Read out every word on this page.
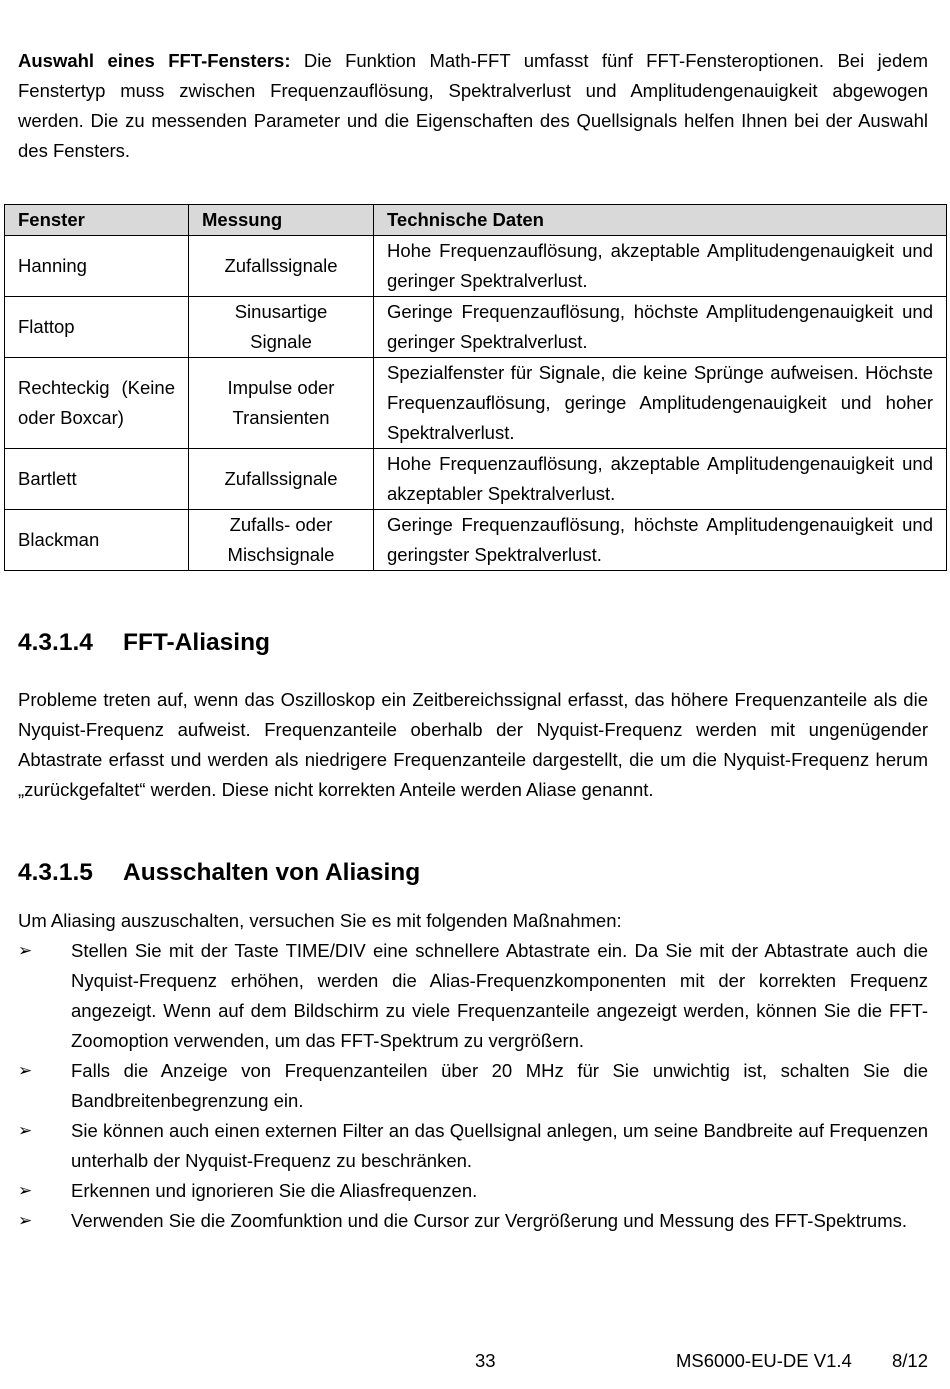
Auswahl eines FFT-Fensters: Die Funktion Math-FFT umfasst fünf FFT-Fensteroptionen. Bei jedem Fenstertyp muss zwischen Frequenzauflösung, Spektralverlust und Amplitudengenauigkeit abgewogen werden. Die zu messenden Parameter und die Eigenschaften des Quellsignals helfen Ihnen bei der Auswahl des Fensters.

Fenster	Messung	Technische Daten
Hanning	Zufallssignale	Hohe Frequenzauflösung, akzeptable Amplitudengenauigkeit und geringer Spektralverlust.
Flattop	Sinusartige Signale	Geringe Frequenzauflösung, höchste Amplitudengenauigkeit und geringer Spektralverlust.
Rechteckig (Keine oder Boxcar)	Impulse oder Transienten	Spezialfenster für Signale, die keine Sprünge aufweisen. Höchste Frequenzauflösung, geringe Amplitudengenauigkeit und hoher Spektralverlust.
Bartlett	Zufallssignale	Hohe Frequenzauflösung, akzeptable Amplitudengenauigkeit und akzeptabler Spektralverlust.
Blackman	Zufalls- oder Mischsignale	Geringe Frequenzauflösung, höchste Amplitudengenauigkeit und geringster Spektralverlust.
4.3.1.4 FFT-Aliasing

Probleme treten auf, wenn das Oszilloskop ein Zeitbereichssignal erfasst, das höhere Frequenzanteile als die Nyquist-Frequenz aufweist. Frequenzanteile oberhalb der Nyquist-Frequenz werden mit ungenügender Abtastrate erfasst und werden als niedrigere Frequenzanteile dargestellt, die um die Nyquist-Frequenz herum „zurückgefaltet“ werden. Diese nicht korrekten Anteile werden Aliase genannt.

4.3.1.5 Ausschalten von Aliasing

Um Aliasing auszuschalten, versuchen Sie es mit folgenden Maßnahmen:

➢ Stellen Sie mit der Taste TIME/DIV eine schnellere Abtastrate ein. Da Sie mit der Abtastrate auch die Nyquist-Frequenz erhöhen, werden die Alias-Frequenzkomponenten mit der korrekten Frequenz angezeigt. Wenn auf dem Bildschirm zu viele Frequenzanteile angezeigt werden, können Sie die FFT-Zoomoption verwenden, um das FFT-Spektrum zu vergrößern.
➢ Falls die Anzeige von Frequenzanteilen über 20 MHz für Sie unwichtig ist, schalten Sie die Bandbreitenbegrenzung ein.
➢ Sie können auch einen externen Filter an das Quellsignal anlegen, um seine Bandbreite auf Frequenzen unterhalb der Nyquist-Frequenz zu beschränken.
➢ Erkennen und ignorieren Sie die Aliasfrequenzen.
➢ Verwenden Sie die Zoomfunktion und die Cursor zur Vergrößerung und Messung des FFT-Spektrums.
33	MS6000-EU-DE V1.4 8/12
